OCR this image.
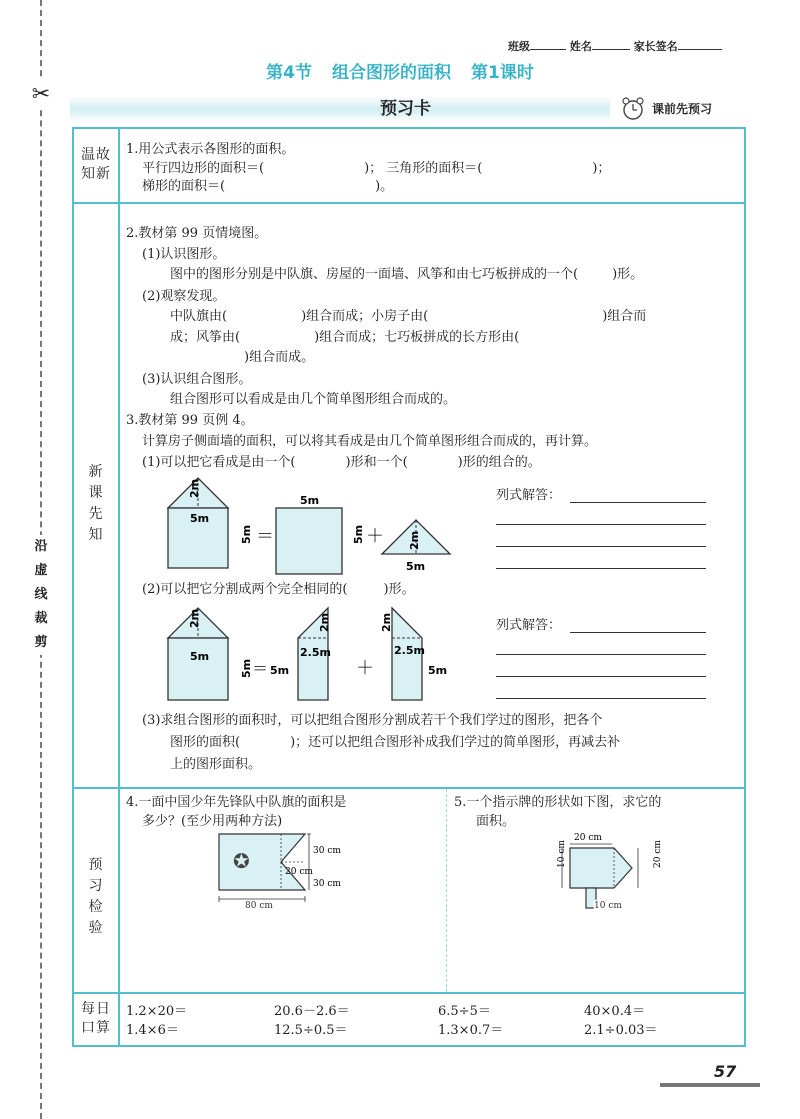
✂
沿
虚
线
裁
剪
班级	姓名	家长签名
第4节 组合图形的面积 第1课时
预习卡	课前先预习
温故
知新
新
课
先
知
预
习
检
验
每日
口算
1.用公式表示各图形的面积。
平行四边形的面积＝(	)； 三角形的面积＝(	)；
梯形的面积＝(	)。
2.教材第 99 页情境图。
(1)认识图形。
图中的图形分别是中队旗、房屋的一面墙、风筝和由七巧板拼成的一个(	)形。
(2)观察发现。
中队旗由(	)组合而成；小房子由(	)组合而
成；风筝由(	)组合而成；七巧板拼成的长方形由(
)组合而成。
(3)认识组合图形。
组合图形可以看成是由几个简单图形组合而成的。
3.教材第 99 页例 4。
计算房子侧面墙的面积，可以将其看成是由几个简单图形组合而成的，再计算。
(1)可以把它看成是由一个(	)形和一个(	)形的组合的。
2m
5m
5m ＝
5m
5m ＋ 2m
5m
列式解答：
(2)可以把它分割成两个完全相同的(	)形。
2m
5m
5m ＝ 5m
2m
2.5m
＋
2m
2.5m
5m
列式解答：
(3)求组合图形的面积时，可以把组合图形分割成若干个我们学过的图形，把各个
图形的面积(	)；还可以把组合图形补成我们学过的简单图形，再减去补
上的图形面积。
4.一面中国少年先锋队中队旗的面积是
多少？(至少用两种方法)
✪	30 cm
20 cm
30 cm
80 cm
5.一个指示牌的形状如下图，求它的
面积。
20 cm
10 cm	20 cm
10 cm
1.2×20＝	20.6－2.6＝	6.5÷5＝	40×0.4＝
1.4×6＝	12.5÷0.5＝	1.3×0.7＝	2.1÷0.03＝
57
